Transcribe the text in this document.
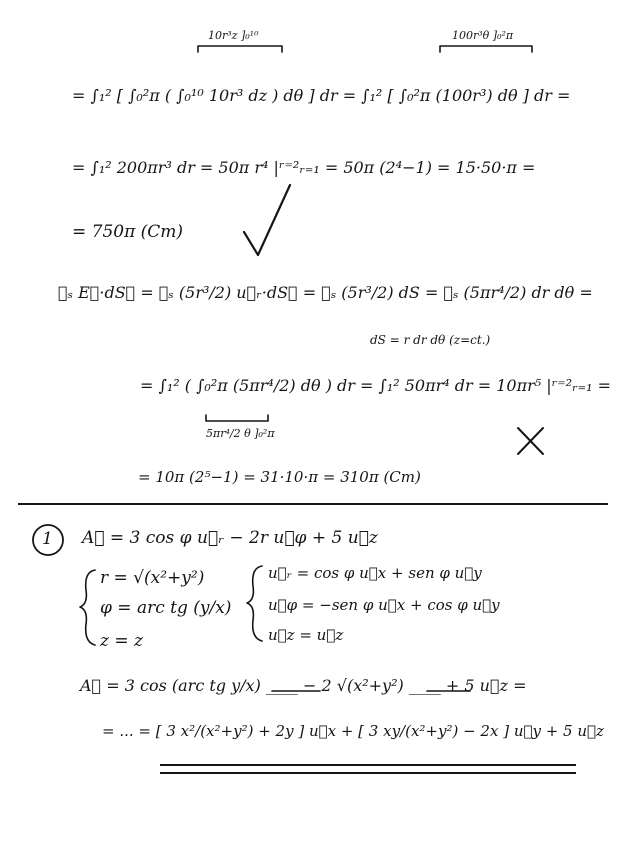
10r³z ]₀¹⁰	100r³θ ]₀²π
= ∫₁² [ ∫₀²π ( ∫₀¹⁰ 10r³ dz ) dθ ] dr = ∫₁² [ ∫₀²π (100r³) dθ ] dr =
= ∫₁² 200πr³ dr = 50π r⁴ |ʳ⁼²ᵣ₌₁ = 50π (2⁴−1) = 15·50·π =
= 750π (Cm)
∯ₛ E⃗·dS⃗ = ∯ₛ (5r³/2) u⃗ᵣ·dS⃗ = ∯ₛ (5r³/2) dS = ∯ₛ (5πr⁴/2) dr dθ =
dS = r dr dθ (z=ct.)
= ∫₁² ( ∫₀²π (5πr⁴/2) dθ ) dr = ∫₁² 50πr⁴ dr = 10πr⁵ |ʳ⁼²ᵣ₌₁ =
5πr⁴/2 θ ]₀²π
= 10π (2⁵−1) = 31·10·π = 310π (Cm)
1 A⃗ = 3 cos φ u⃗ᵣ − 2r u⃗φ + 5 u⃗z
r = √(x²+y²)
φ = arc tg (y/x)
z = z
u⃗ᵣ = cos φ u⃗x + sen φ u⃗y
u⃗φ = −sen φ u⃗x + cos φ u⃗y
u⃗z = u⃗z
A⃗ = 3 cos (arc tg y/x) ____ − 2 √(x²+y²) ____ + 5 u⃗z =
= ... = [ 3 x²/(x²+y²) + 2y ] u⃗x + [ 3 xy/(x²+y²) − 2x ] u⃗y + 5 u⃗z
